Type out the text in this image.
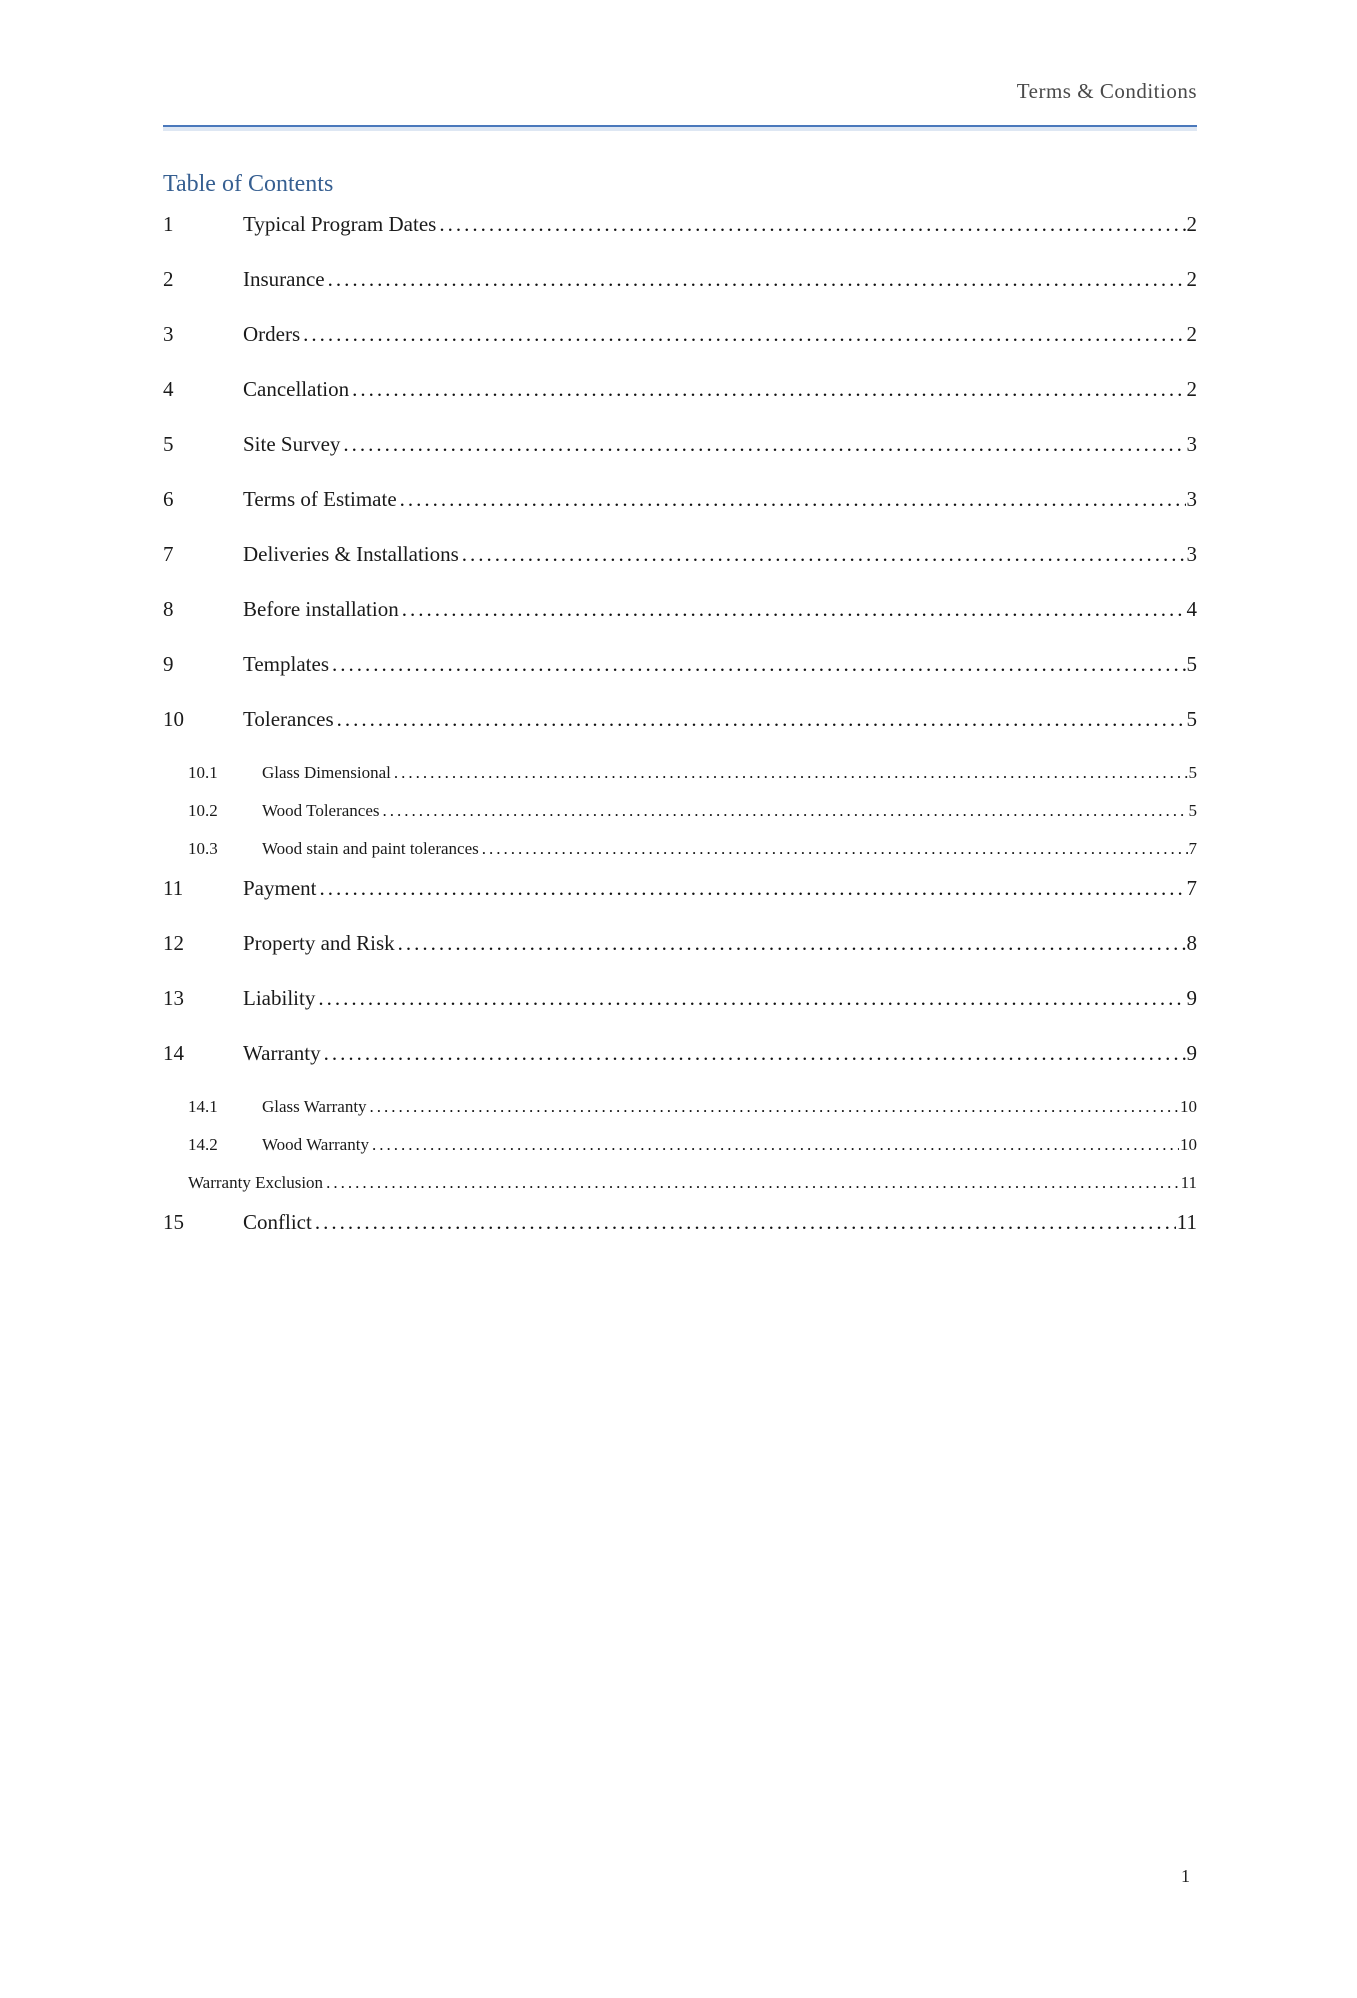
Terms & Conditions
Table of Contents
1	Typical Program Dates .....	2
2	Insurance .....	2
3	Orders .....	2
4	Cancellation .....	2
5	Site Survey .....	3
6	Terms of Estimate .....	3
7	Deliveries & Installations .....	3
8	Before installation .....	4
9	Templates .....	5
10	Tolerances .....	5
10.1	Glass Dimensional .....	5
10.2	Wood Tolerances .....	5
10.3	Wood stain and paint tolerances .....	7
11	Payment .....	7
12	Property and Risk .....	8
13	Liability .....	9
14	Warranty .....	9
14.1	Glass Warranty .....	10
14.2	Wood Warranty .....	10
Warranty Exclusion .....	11
15	Conflict .....	11
1
